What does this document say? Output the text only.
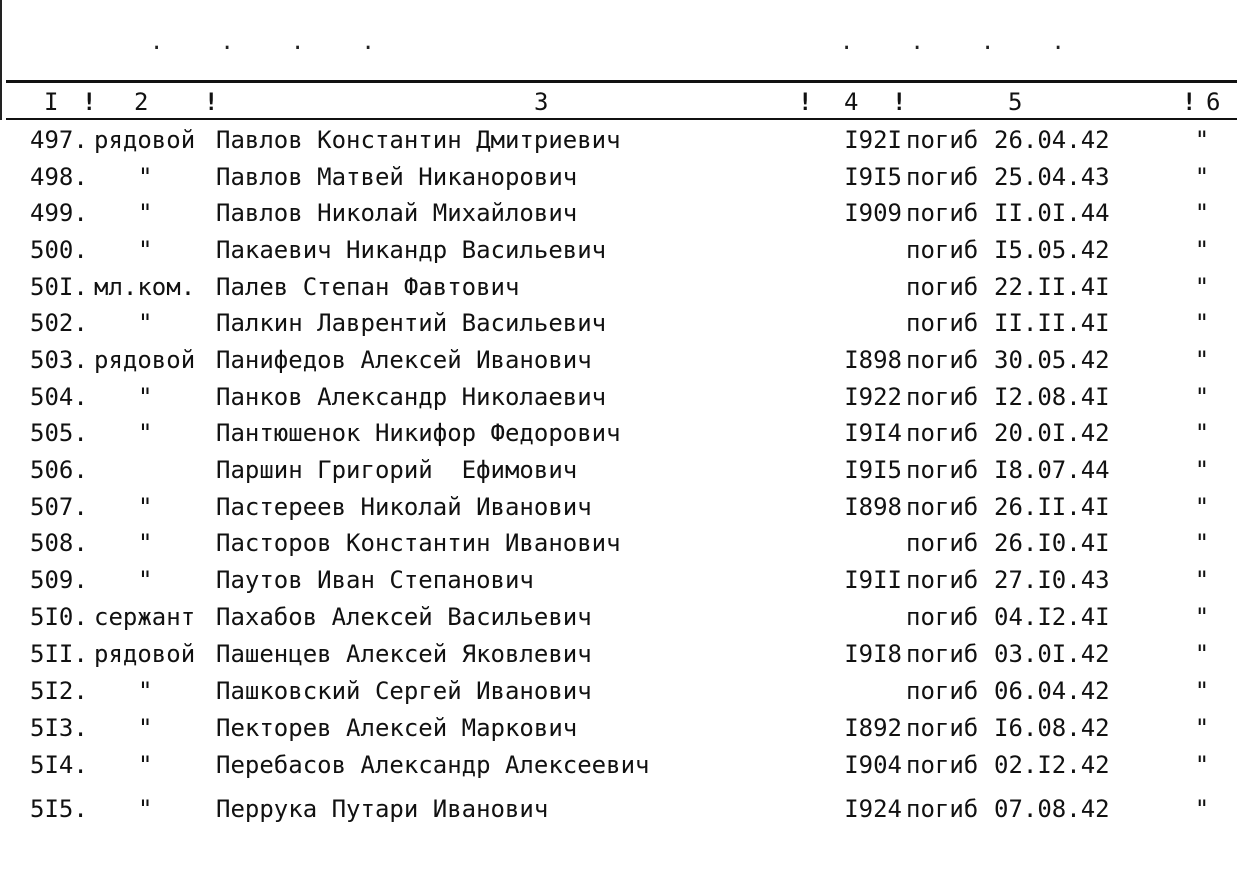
· · · ·	· · · ·
I ! 2 !	3	! 4 !	5	! 6
497. рядовой Павлов Константин Дмитриевич	I92I погиб 26.04.42	"
498. "	Павлов Матвей Никанорович	I9I5 погиб 25.04.43	"
499. "	Павлов Николай Михайлович	I909 погиб II.0I.44	"
500. "	Пакаевич Никандр Васильевич	погиб I5.05.42	"
50I. мл.ком. Палев Степан Фавтович	погиб 22.II.4I	"
502. "	Палкин Лаврентий Васильевич	погиб II.II.4I	"
503. рядовой Панифедов Алексей Иванович	I898 погиб 30.05.42	"
504. "	Панков Александр Николаевич	I922 погиб I2.08.4I	"
505. "	Пантюшенок Никифор Федорович	I9I4 погиб 20.0I.42	"
506.	Паршин Григорий  Ефимович	I9I5 погиб I8.07.44	"
507. "	Пастереев Николай Иванович	I898 погиб 26.II.4I	"
508. "	Пасторов Константин Иванович	погиб 26.I0.4I	"
509. "	Паутов Иван Степанович	I9II погиб 27.I0.43	"
5I0. сержант Пахабов Алексей Васильевич	погиб 04.I2.4I	"
5II. рядовой Пашенцев Алексей Яковлевич	I9I8 погиб 03.0I.42	"
5I2. "	Пашковский Сергей Иванович	погиб 06.04.42	"
5I3. "	Пекторев Алексей Маркович	I892 погиб I6.08.42	"
5I4. "	Перебасов Александр Алексеевич	I904 погиб 02.I2.42	"
5I5. "	Перрука Путари Иванович	I924 погиб 07.08.42	"
